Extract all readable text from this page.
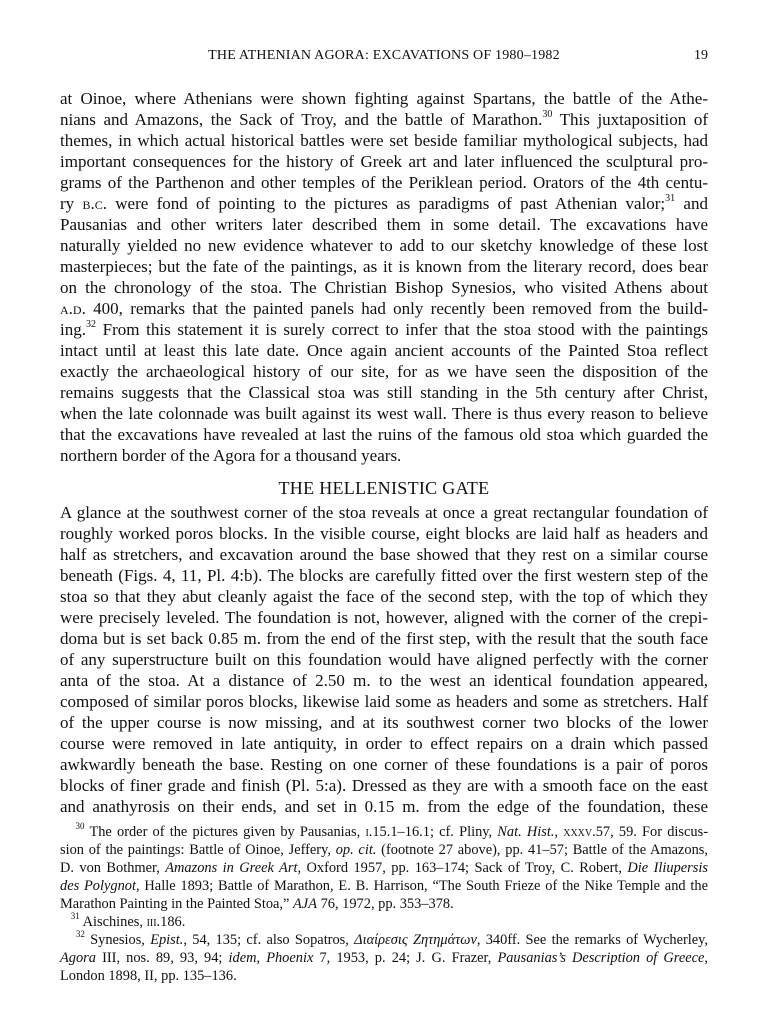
THE ATHENIAN AGORA: EXCAVATIONS OF 1980–1982	19
at Oinoe, where Athenians were shown fighting against Spartans, the battle of the Athe-
nians and Amazons, the Sack of Troy, and the battle of Marathon.$^{30}$ This juxtaposition of
themes, in which actual historical battles were set beside familiar mythological subjects, had
important consequences for the history of Greek art and later influenced the sculptural pro-
grams of the Parthenon and other temples of the Periklean period. Orators of the 4th centu-
ry b.c. were fond of pointing to the pictures as paradigms of past Athenian valor;$^{31}$ and
Pausanias and other writers later described them in some detail. The excavations have
naturally yielded no new evidence whatever to add to our sketchy knowledge of these lost
masterpieces; but the fate of the paintings, as it is known from the literary record, does bear
on the chronology of the stoa. The Christian Bishop Synesios, who visited Athens about
a.d. 400, remarks that the painted panels had only recently been removed from the build-
ing.$^{32}$ From this statement it is surely correct to infer that the stoa stood with the paintings
intact until at least this late date. Once again ancient accounts of the Painted Stoa reflect
exactly the archaeological history of our site, for as we have seen the disposition of the
remains suggests that the Classical stoa was still standing in the 5th century after Christ,
when the late colonnade was built against its west wall. There is thus every reason to believe
that the excavations have revealed at last the ruins of the famous old stoa which guarded the
northern border of the Agora for a thousand years.
THE HELLENISTIC GATE
A glance at the southwest corner of the stoa reveals at once a great rectangular foundation of
roughly worked poros blocks. In the visible course, eight blocks are laid half as headers and
half as stretchers, and excavation around the base showed that they rest on a similar course
beneath (Figs. 4, 11, Pl. 4:b). The blocks are carefully fitted over the first western step of the
stoa so that they abut cleanly agaist the face of the second step, with the top of which they
were precisely leveled. The foundation is not, however, aligned with the corner of the crepi-
doma but is set back 0.85 m. from the end of the first step, with the result that the south face
of any superstructure built on this foundation would have aligned perfectly with the corner
anta of the stoa. At a distance of 2.50 m. to the west an identical foundation appeared,
composed of similar poros blocks, likewise laid some as headers and some as stretchers. Half
of the upper course is now missing, and at its southwest corner two blocks of the lower
course were removed in late antiquity, in order to effect repairs on a drain which passed
awkwardly beneath the base. Resting on one corner of these foundations is a pair of poros
blocks of finer grade and finish (Pl. 5:a). Dressed as they are with a smooth face on the east
and anathyrosis on their ends, and set in 0.15 m. from the edge of the foundation, these
$^{30}$ The order of the pictures given by Pausanias, i.15.1–16.1; cf. Pliny, Nat. Hist., xxxv.57, 59. For discus-
sion of the paintings: Battle of Oinoe, Jeffery, op. cit. (footnote 27 above), pp. 41–57; Battle of the Amazons,
D. von Bothmer, Amazons in Greek Art, Oxford 1957, pp. 163–174; Sack of Troy, C. Robert, Die Iliupersis
des Polygnot, Halle 1893; Battle of Marathon, E. B. Harrison, “The South Frieze of the Nike Temple and the
Marathon Painting in the Painted Stoa,” AJA 76, 1972, pp. 353–378.
$^{31}$ Aischines, iii.186.
$^{32}$ Synesios, Epist., 54, 135; cf. also Sopatros, Διαίρεσις Ζητημάτων, 340ff. See the remarks of Wycherley,
Agora III, nos. 89, 93, 94; idem, Phoenix 7, 1953, p. 24; J. G. Frazer, Pausanias’s Description of Greece,
London 1898, II, pp. 135–136.
